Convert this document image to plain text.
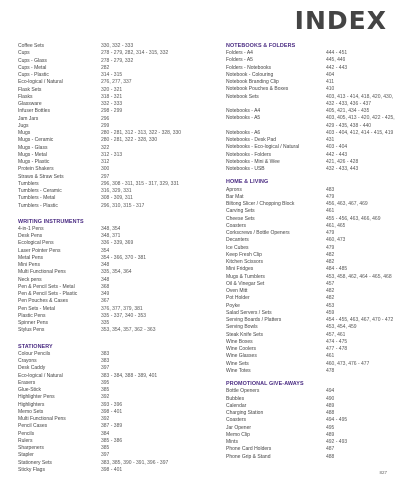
INDEX
Coffee Sets	330, 332 - 333
Cups	278 - 279, 282, 314 - 315, 332
Cups - Glass	278 - 279, 332
Cups - Metal	282
Cups - Plastic	314 - 315
Eco-logical / Natural	276, 277, 337
Flask Sets	320 - 321
Flasks	318 - 321
Glassware	332 - 333
Infuser Bottles	298 - 299
Jam Jars	296
Jugs	299
Mugs	280 - 281, 312 - 313, 322 - 328, 330
Mugs - Ceramic	280 - 281, 322 - 328, 330
Mugs - Glass	322
Mugs - Metal	312 - 313
Mugs - Plastic	312
Protein Shakers	300
Straws & Straw Sets	297
Tumblers	296, 308 - 311, 315 - 317, 329, 331
Tumblers - Ceramic	316, 329, 331
Tumblers - Metal	308 - 309, 311
Tumblers - Plastic	296, 310, 315 - 317
WRITING INSTRUMENTS
4-in-1 Pens	348, 354
Desk Pens	348, 371
Ecological Pens	336 - 339, 369
Laser Pointer Pens	354
Metal Pens	354 - 366, 370 - 381
Mini Pens	348
Multi Functional Pens	335, 354, 364
Neck pens	348
Pen & Pencil Sets - Metal	368
Pen & Pencil Sets - Plastic	349
Pen Pouches & Cases	367
Pen Sets - Metal	376, 377, 379, 381
Plastic Pens	335 - 337, 340 - 353
Spinner Pens	335
Stylus Pens	353, 354, 357, 362 - 363
STATIONERY
Colour Pencils	383
Crayons	383
Desk Caddy	397
Eco-logical / Natural	383 - 384, 388 - 389, 401
Erasers	395
Glue-Stick	385
Highlighter Pens	392
Highlighters	393 - 396
Memo Sets	398 - 401
Multi Functional Pens	392
Pencil Cases	387 - 389
Pencils	384
Rulers	385 - 386
Sharpeners	385
Stapler	397
Stationery Sets	383, 385, 390 - 391, 396 - 397
Sticky Flags	398 - 401
NOTEBOOKS & FOLDERS
Folders - A4	444 - 451
Folders - A5	445, 449
Folders - Notebooks	442 - 443
Notebook - Colouring	404
Notebook Branding Clip	411
Notebook Pouches & Boxes	410
Notebook Sets	403, 413 - 414, 418, 420, 430,
432 - 433, 436 - 437
Notebooks - A4	405, 421, 434 - 435
Notebooks - A5	403, 405, 413 - 420, 422 - 425,
429 - 435, 438 - 440
Notebooks - A6	403 - 404, 412, 414 - 415, 419
Notebooks - Desk Pad	431
Notebooks - Eco-logical / Natural	403 - 404
Notebooks - Folders	442 - 443
Notebooks - Mini & Wee	421, 426 - 428
Notebooks - USB	432 - 433, 443
HOME & LIVING
Aprons	483
Bar Mat	479
Biltong Slicer / Chopping Block	456, 463, 467, 469
Carving Sets	461
Cheese Sets	455 - 456, 463, 466, 469
Coasters	461, 465
Corkscrews / Bottle Openers	479
Decanters	460, 473
Ice Cubes	479
Keep Fresh Clip	482
Kitchen Scissors	482
Mini Fridges	484 - 485
Mugs & Tumblers	453, 458, 462, 464 - 465, 468
Oil & Vinegar Set	457
Oven Mitt	482
Pot Holder	482
Poyke	453
Salad Servers / Sets	459
Serving Boards / Platters	454 - 455, 463, 467, 470 - 472
Serving Bowls	453, 454, 459
Steak Knife Sets	457, 461
Wine Boxes	474 - 475
Wine Coolers	477 - 478
Wine Glasses	461
Wine Sets	460, 473, 476 - 477
Wine Totes	478
PROMOTIONAL GIVE-AWAYS
Bottle Openers	494
Bubbles	490
Calendar	489
Charging Station	488
Coasters	494 - 495
Jar Opener	495
Memo Clip	489
Mints	492 - 493
Phone Card Holders	487
Phone Grip & Stand	488
827
